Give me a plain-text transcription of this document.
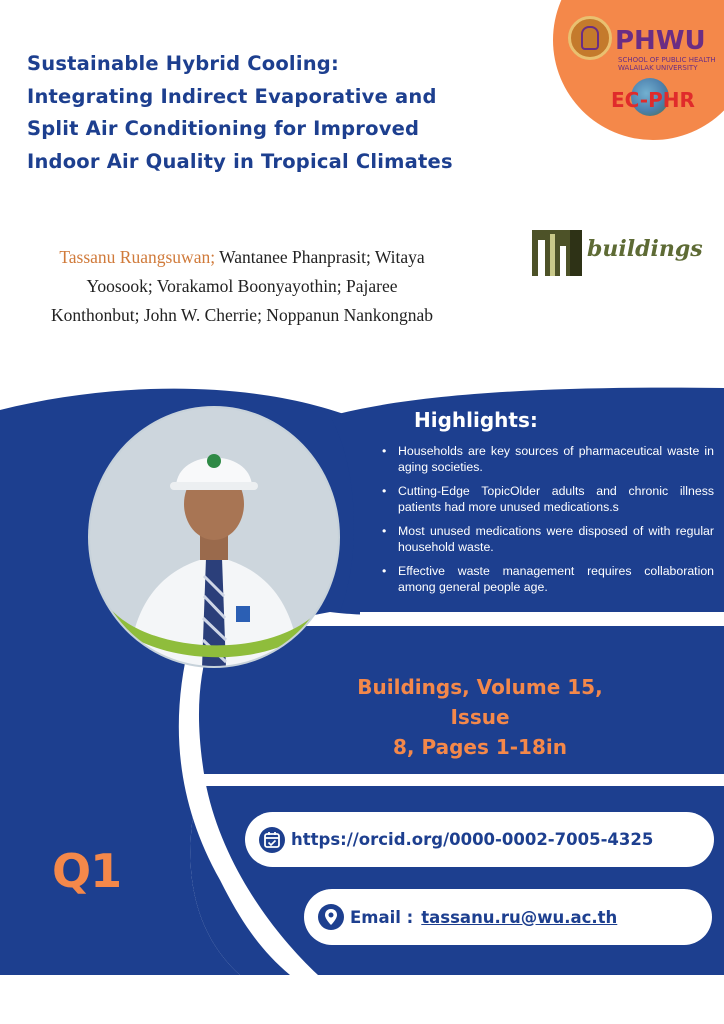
Sustainable Hybrid Cooling:
Integrating Indirect Evaporative and
Split Air Conditioning for Improved
Indoor Air Quality in Tropical Climates
PHWU
SCHOOL OF PUBLIC HEALTH
WALAILAK UNIVERSITY
EC-PHR
Tassanu Ruangsuwan; Wantanee Phanprasit; Witaya
Yoosook; Vorakamol Boonyayothin; Pajaree
Konthonbut; John W. Cherrie; Noppanun Nankongnab
buildings
Highlights:
• Households are key sources of pharmaceutical waste in aging societies.
• Cutting-Edge TopicOlder adults and chronic illness patients had more unused medications.s
• Most unused medications were disposed of with regular household waste.
• Effective waste management requires collaboration among general people age.
Buildings, Volume 15, Issue
8, Pages 1-18in
Q1
https://orcid.org/0000-0002-7005-4325
Email : tassanu.ru@wu.ac.th
